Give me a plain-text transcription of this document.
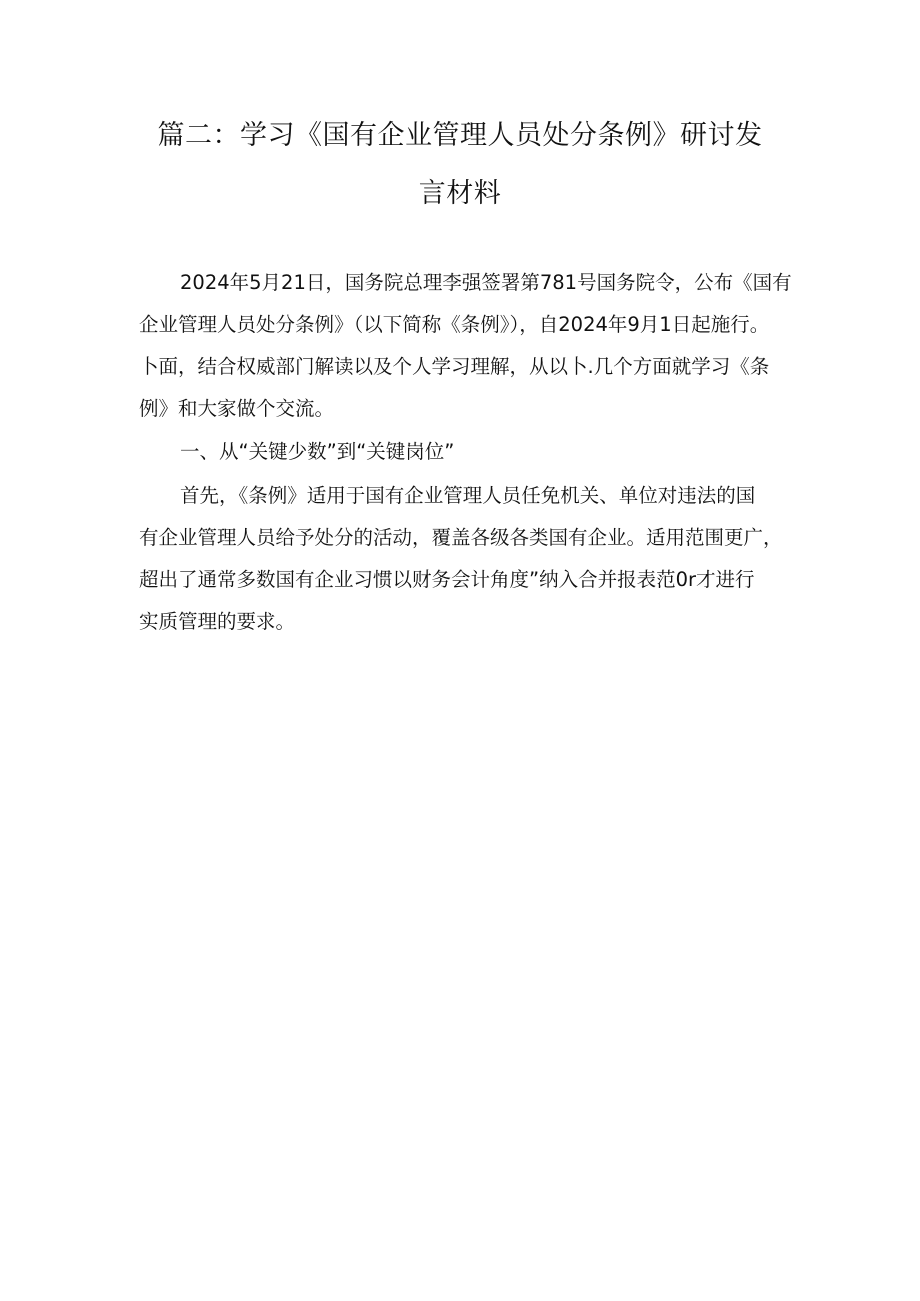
篇二：学习《国有企业管理人员处分条例》研讨发
言材料
2024年5月21日，国务院总理李强签署第781号国务院令，公布《国有
企业管理人员处分条例》（以下简称《条例》），自2024年9月1日起施行。
卜面，结合权威部门解读以及个人学习理解，从以卜.几个方面就学习《条
例》和大家做个交流。
一、从“关键少数”到“关键岗位”
首先，《条例》适用于国有企业管理人员任免机关、单位对违法的国
有企业管理人员给予处分的活动，覆盖各级各类国有企业。适用范围更广，
超出了通常多数国有企业习惯以财务会计角度”纳入合并报表范0r才进行
实质管理的要求。
